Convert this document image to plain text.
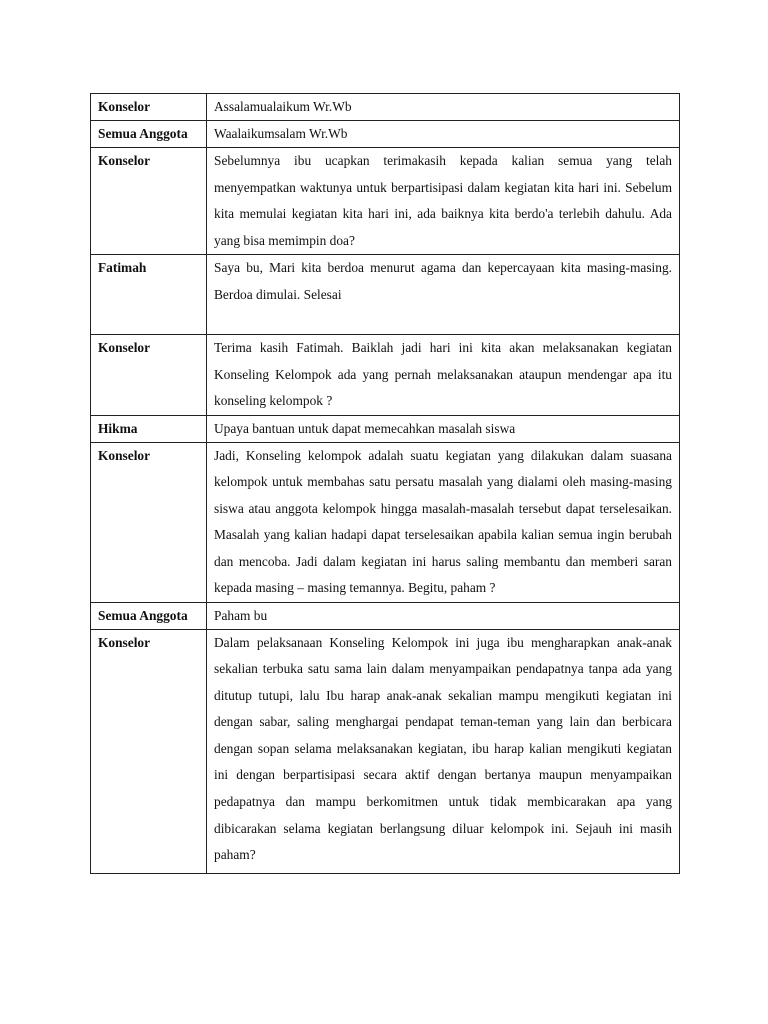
Konselor	Assalamualaikum Wr.Wb
Semua Anggota	Waalaikumsalam Wr.Wb
Konselor	Sebelumnya ibu ucapkan terimakasih kepada kalian semua yang telah menyempatkan waktunya untuk berpartisipasi dalam kegiatan kita hari ini. Sebelum kita memulai kegiatan kita hari ini, ada baiknya kita berdo'a terlebih dahulu. Ada yang bisa memimpin doa?
Fatimah	Saya bu, Mari kita berdoa menurut agama dan kepercayaan kita masing-masing. Berdoa dimulai. Selesai
Konselor	Terima kasih Fatimah. Baiklah jadi hari ini kita akan melaksanakan kegiatan Konseling Kelompok ada yang pernah melaksanakan ataupun mendengar apa itu konseling kelompok ?
Hikma	Upaya bantuan untuk dapat memecahkan masalah siswa
Konselor	Jadi, Konseling kelompok adalah suatu kegiatan yang dilakukan dalam suasana kelompok untuk membahas satu persatu masalah yang dialami oleh masing-masing siswa atau anggota kelompok hingga masalah-masalah tersebut dapat terselesaikan. Masalah yang kalian hadapi dapat terselesaikan apabila kalian semua ingin berubah dan mencoba. Jadi dalam kegiatan ini harus saling membantu dan memberi saran kepada masing – masing temannya. Begitu, paham ?
Semua Anggota	Paham bu
Konselor	Dalam pelaksanaan Konseling Kelompok ini juga ibu mengharapkan anak-anak sekalian terbuka satu sama lain dalam menyampaikan pendapatnya tanpa ada yang ditutup tutupi, lalu Ibu harap anak-anak sekalian mampu mengikuti kegiatan ini dengan sabar, saling menghargai pendapat teman-teman yang lain dan berbicara dengan sopan selama melaksanakan kegiatan, ibu harap kalian mengikuti kegiatan ini dengan berpartisipasi secara aktif dengan bertanya maupun menyampaikan pedapatnya dan mampu berkomitmen untuk tidak membicarakan apa yang dibicarakan selama kegiatan berlangsung diluar kelompok ini. Sejauh ini masih paham?
